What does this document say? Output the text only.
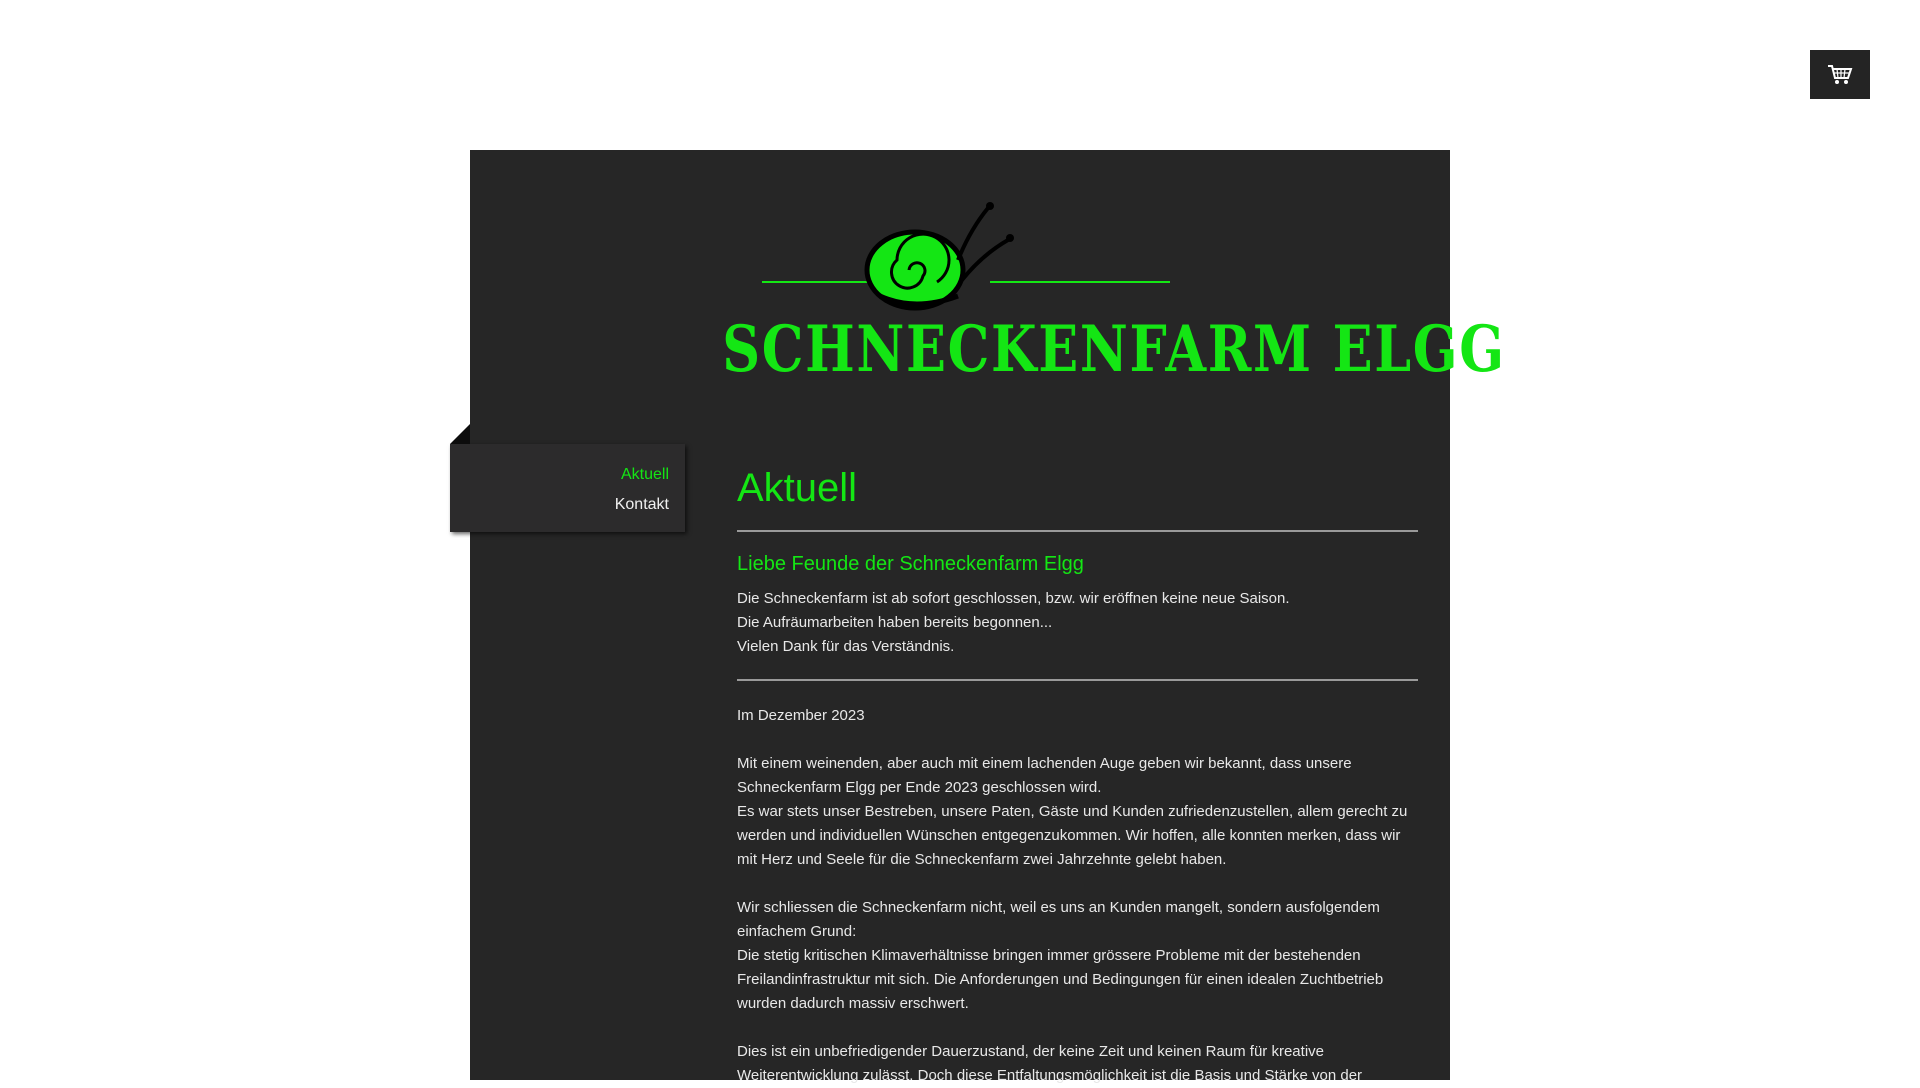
SCHNECKENFARM ELGG
Aktuell
Kontakt	Aktuell
Liebe Feunde der Schneckenfarm Elgg

Die Schneckenfarm ist ab sofort geschlossen, bzw. wir eröffnen keine neue Saison.

Die Aufräumarbeiten haben bereits begonnen...

Vielen Dank für das Verständnis.

Im Dezember 2023

Mit einem weinenden, aber auch mit einem lachenden Auge geben wir bekannt, dass unsere Schneckenfarm Elgg per Ende 2023 geschlossen wird.

Es war stets unser Bestreben, unsere Paten, Gäste und Kunden zufriedenzustellen, allem gerecht zu werden und individuellen Wünschen entgegenzukommen. Wir hoffen, alle konnten merken, dass wir mit Herz und Seele für die Schneckenfarm zwei Jahrzehnte gelebt haben.

Wir schliessen die Schneckenfarm nicht, weil es uns an Kunden mangelt, sondern ausfolgendem einfachem Grund:

Die stetig kritischen Klimaverhältnisse bringen immer grössere Probleme mit der bestehenden Freilandinfrastruktur mit sich. Die Anforderungen und Bedingungen für einen idealen Zuchtbetrieb wurden dadurch massiv erschwert.

Dies ist ein unbefriedigender Dauerzustand, der keine Zeit und keinen Raum für kreative Weiterentwicklung zulässt. Doch diese Entfaltungsmöglichkeit ist die Basis und Stärke von der
